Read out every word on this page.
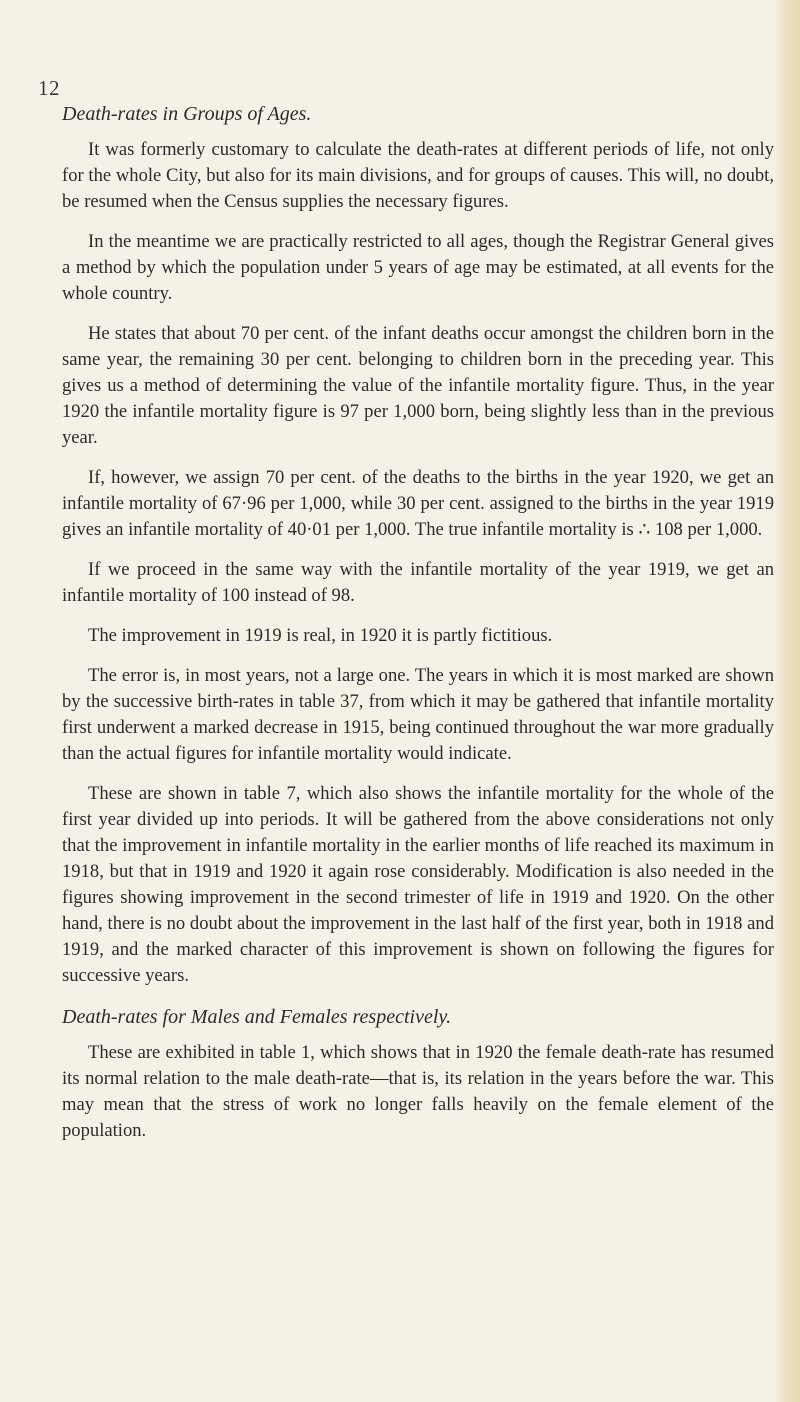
12
Death-rates in Groups of Ages.

It was formerly customary to calculate the death-rates at different periods of life, not only for the whole City, but also for its main divisions, and for groups of causes. This will, no doubt, be resumed when the Census supplies the necessary figures.

In the meantime we are practically restricted to all ages, though the Registrar General gives a method by which the population under 5 years of age may be estimated, at all events for the whole country.

He states that about 70 per cent. of the infant deaths occur amongst the children born in the same year, the remaining 30 per cent. belonging to children born in the preceding year. This gives us a method of determining the value of the infantile mortality figure. Thus, in the year 1920 the infantile mortality figure is 97 per 1,000 born, being slightly less than in the previous year.

If, however, we assign 70 per cent. of the deaths to the births in the year 1920, we get an infantile mortality of 67·96 per 1,000, while 30 per cent. assigned to the births in the year 1919 gives an infantile mortality of 40·01 per 1,000. The true infantile mortality is ∴ 108 per 1,000.

If we proceed in the same way with the infantile mortality of the year 1919, we get an infantile mortality of 100 instead of 98.

The improvement in 1919 is real, in 1920 it is partly fictitious.

The error is, in most years, not a large one. The years in which it is most marked are shown by the successive birth-rates in table 37, from which it may be gathered that infantile mortality first underwent a marked decrease in 1915, being continued throughout the war more gradually than the actual figures for infantile mortality would indicate.

These are shown in table 7, which also shows the infantile mortality for the whole of the first year divided up into periods. It will be gathered from the above considerations not only that the improvement in infantile mortality in the earlier months of life reached its maximum in 1918, but that in 1919 and 1920 it again rose considerably. Modification is also needed in the figures showing improvement in the second trimester of life in 1919 and 1920. On the other hand, there is no doubt about the improvement in the last half of the first year, both in 1918 and 1919, and the marked character of this improvement is shown on following the figures for successive years.

Death-rates for Males and Females respectively.

These are exhibited in table 1, which shows that in 1920 the female death-rate has resumed its normal relation to the male death-rate—that is, its relation in the years before the war. This may mean that the stress of work no longer falls heavily on the female element of the population.
